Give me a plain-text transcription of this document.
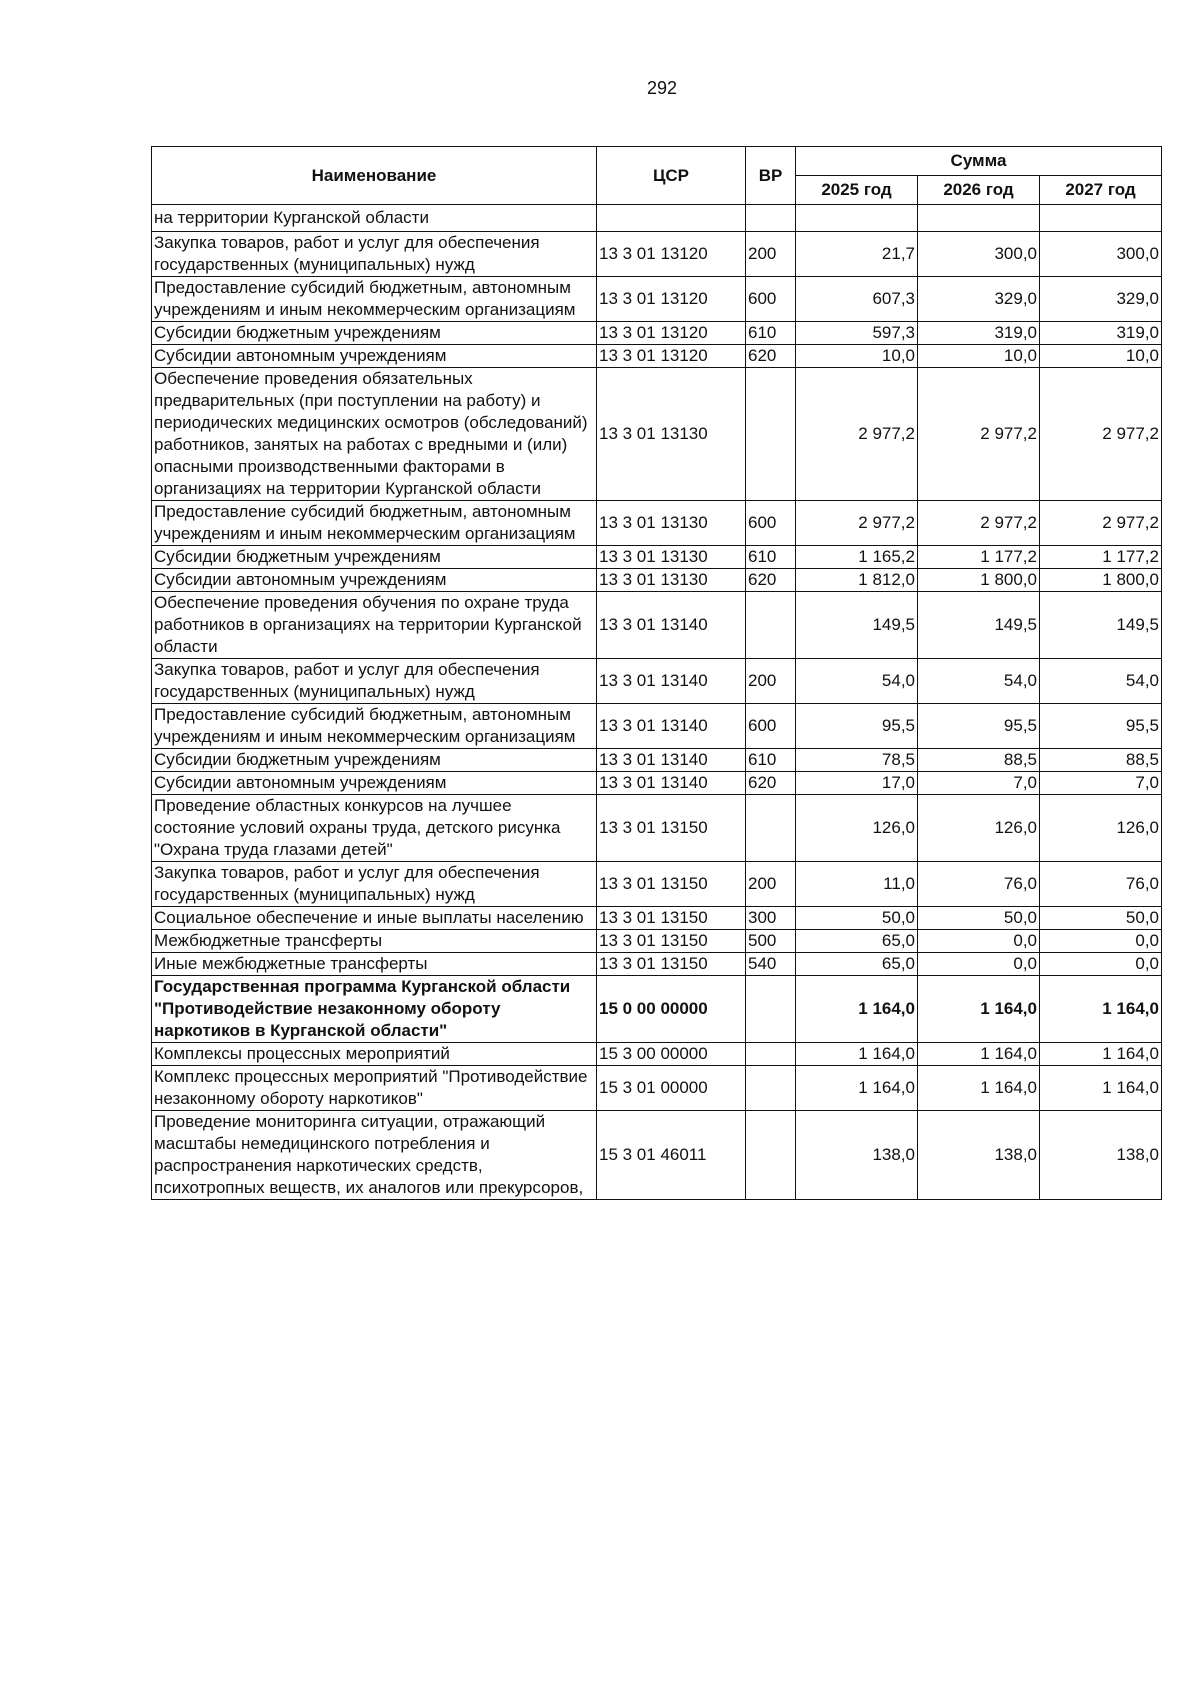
292
Наименование	ЦСР	ВР	Сумма		
			2025 год	2026 год	2027 год
на территории Курганской области					
Закупка товаров, работ и услуг для обеспечения государственных (муниципальных) нужд	13 3 01 13120	200	21,7	300,0	300,0
Предоставление субсидий бюджетным, автономным учреждениям и иным некоммерческим организациям	13 3 01 13120	600	607,3	329,0	329,0
Субсидии бюджетным учреждениям	13 3 01 13120	610	597,3	319,0	319,0
Субсидии автономным учреждениям	13 3 01 13120	620	10,0	10,0	10,0
Обеспечение проведения обязательных предварительных (при поступлении на работу) и периодических медицинских осмотров (обследований) работников, занятых на работах с вредными и (или) опасными производственными факторами в организациях на территории Курганской области	13 3 01 13130		2 977,2	2 977,2	2 977,2
Предоставление субсидий бюджетным, автономным учреждениям и иным некоммерческим организациям	13 3 01 13130	600	2 977,2	2 977,2	2 977,2
Субсидии бюджетным учреждениям	13 3 01 13130	610	1 165,2	1 177,2	1 177,2
Субсидии автономным учреждениям	13 3 01 13130	620	1 812,0	1 800,0	1 800,0
Обеспечение проведения обучения по охране труда работников в организациях на территории Курганской области	13 3 01 13140		149,5	149,5	149,5
Закупка товаров, работ и услуг для обеспечения государственных (муниципальных) нужд	13 3 01 13140	200	54,0	54,0	54,0
Предоставление субсидий бюджетным, автономным учреждениям и иным некоммерческим организациям	13 3 01 13140	600	95,5	95,5	95,5
Субсидии бюджетным учреждениям	13 3 01 13140	610	78,5	88,5	88,5
Субсидии автономным учреждениям	13 3 01 13140	620	17,0	7,0	7,0
Проведение областных конкурсов на лучшее состояние условий охраны труда, детского рисунка "Охрана труда глазами детей"	13 3 01 13150		126,0	126,0	126,0
Закупка товаров, работ и услуг для обеспечения государственных (муниципальных) нужд	13 3 01 13150	200	11,0	76,0	76,0
Социальное обеспечение и иные выплаты населению	13 3 01 13150	300	50,0	50,0	50,0
Межбюджетные трансферты	13 3 01 13150	500	65,0	0,0	0,0
Иные межбюджетные трансферты	13 3 01 13150	540	65,0	0,0	0,0
Государственная программа Курганской области "Противодействие незаконному обороту наркотиков в Курганской области"	15 0 00 00000		1 164,0	1 164,0	1 164,0
Комплексы процессных мероприятий	15 3 00 00000		1 164,0	1 164,0	1 164,0
Комплекс процессных мероприятий "Противодействие незаконному обороту наркотиков"	15 3 01 00000		1 164,0	1 164,0	1 164,0
Проведение мониторинга ситуации, отражающий масштабы немедицинского потребления и распространения наркотических средств, психотропных веществ, их аналогов или прекурсоров,	15 3 01 46011		138,0	138,0	138,0
